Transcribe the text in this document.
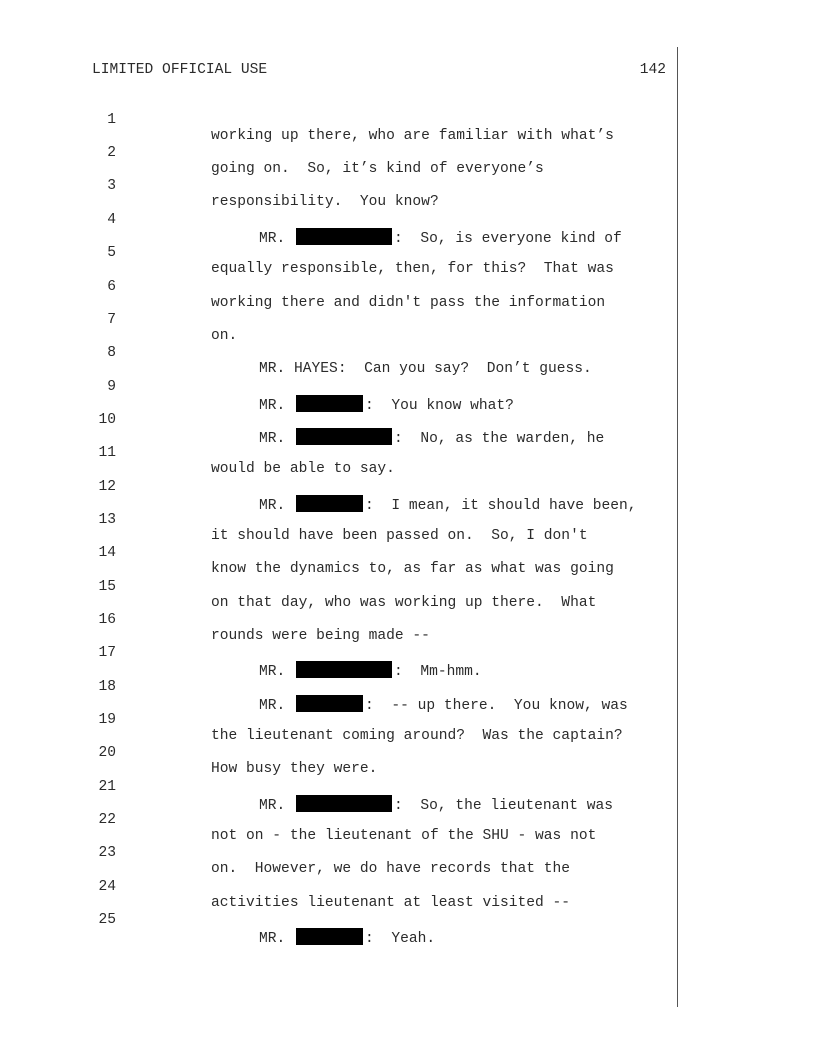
LIMITED OFFICIAL USE	142

1

working up there, who are familiar with what’s

2

going on.  So, it’s kind of everyone’s

3

responsibility.  You know?

4

MR.	:  So, is everyone kind of

5

equally responsible, then, for this?  That was

6

working there and didn't pass the information

7

on.

8

MR. HAYES:  Can you say?  Don’t guess.

9

MR.	:  You know what?

10

MR.	:  No, as the warden, he

11

would be able to say.

12

MR.	:  I mean, it should have been,

13

it should have been passed on.  So, I don't

14

know the dynamics to, as far as what was going

15

on that day, who was working up there.  What

16

rounds were being made --

17

MR.	:  Mm-hmm.

18

MR.	:  -- up there.  You know, was

19

the lieutenant coming around?  Was the captain?

20

How busy they were.

21

MR.	:  So, the lieutenant was

22

not on - the lieutenant of the SHU - was not

23

on.  However, we do have records that the

24

activities lieutenant at least visited --

25

MR.	:  Yeah.
